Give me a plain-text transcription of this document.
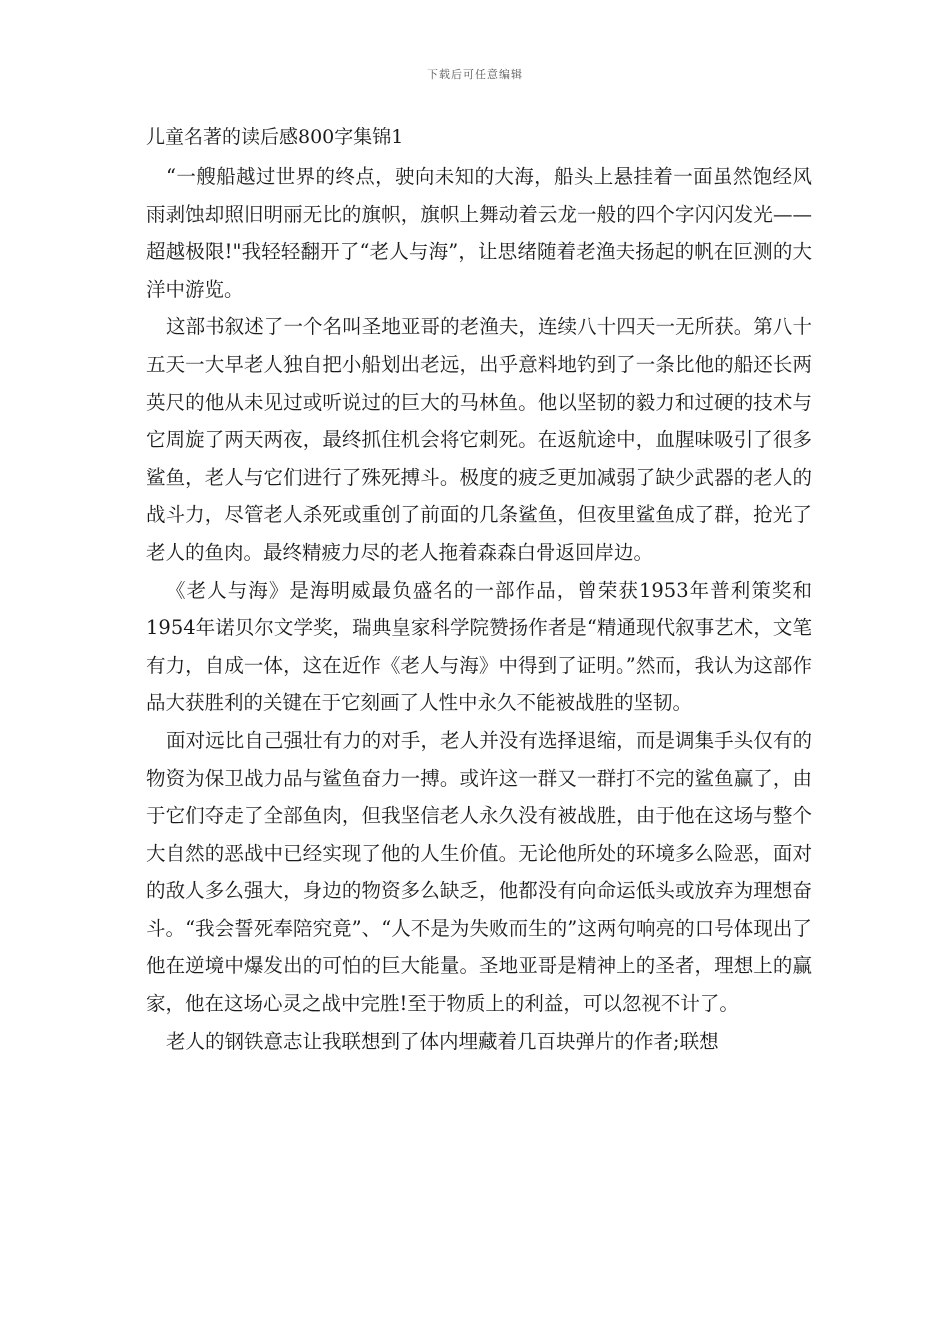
下载后可任意编辑
儿童名著的读后感800字集锦1

“一艘船越过世界的终点，驶向未知的大海，船头上悬挂着一面虽然饱经风雨剥蚀却照旧明丽无比的旗帜，旗帜上舞动着云龙一般的四个字闪闪发光——超越极限!"我轻轻翻开了“老人与海”，让思绪随着老渔夫扬起的帆在叵测的大洋中游览。

这部书叙述了一个名叫圣地亚哥的老渔夫，连续八十四天一无所获。第八十五天一大早老人独自把小船划出老远，出乎意料地钓到了一条比他的船还长两英尺的他从未见过或听说过的巨大的马林鱼。他以坚韧的毅力和过硬的技术与它周旋了两天两夜，最终抓住机会将它刺死。在返航途中，血腥味吸引了很多鲨鱼，老人与它们进行了殊死搏斗。极度的疲乏更加减弱了缺少武器的老人的战斗力，尽管老人杀死或重创了前面的几条鲨鱼，但夜里鲨鱼成了群，抢光了老人的鱼肉。最终精疲力尽的老人拖着森森白骨返回岸边。

《老人与海》是海明威最负盛名的一部作品，曾荣获1953年普利策奖和1954年诺贝尔文学奖，瑞典皇家科学院赞扬作者是“精通现代叙事艺术，文笔有力，自成一体，这在近作《老人与海》中得到了证明。”然而，我认为这部作品大获胜利的关键在于它刻画了人性中永久不能被战胜的坚韧。

面对远比自己强壮有力的对手，老人并没有选择退缩，而是调集手头仅有的物资为保卫战力品与鲨鱼奋力一搏。或许这一群又一群打不完的鲨鱼赢了，由于它们夺走了全部鱼肉，但我坚信老人永久没有被战胜，由于他在这场与整个大自然的恶战中已经实现了他的人生价值。无论他所处的环境多么险恶，面对的敌人多么强大，身边的物资多么缺乏，他都没有向命运低头或放弃为理想奋斗。“我会誓死奉陪究竟”、“人不是为失败而生的”这两句响亮的口号体现出了他在逆境中爆发出的可怕的巨大能量。圣地亚哥是精神上的圣者，理想上的赢家，他在这场心灵之战中完胜!至于物质上的利益，可以忽视不计了。

老人的钢铁意志让我联想到了体内埋藏着几百块弹片的作者;联想
